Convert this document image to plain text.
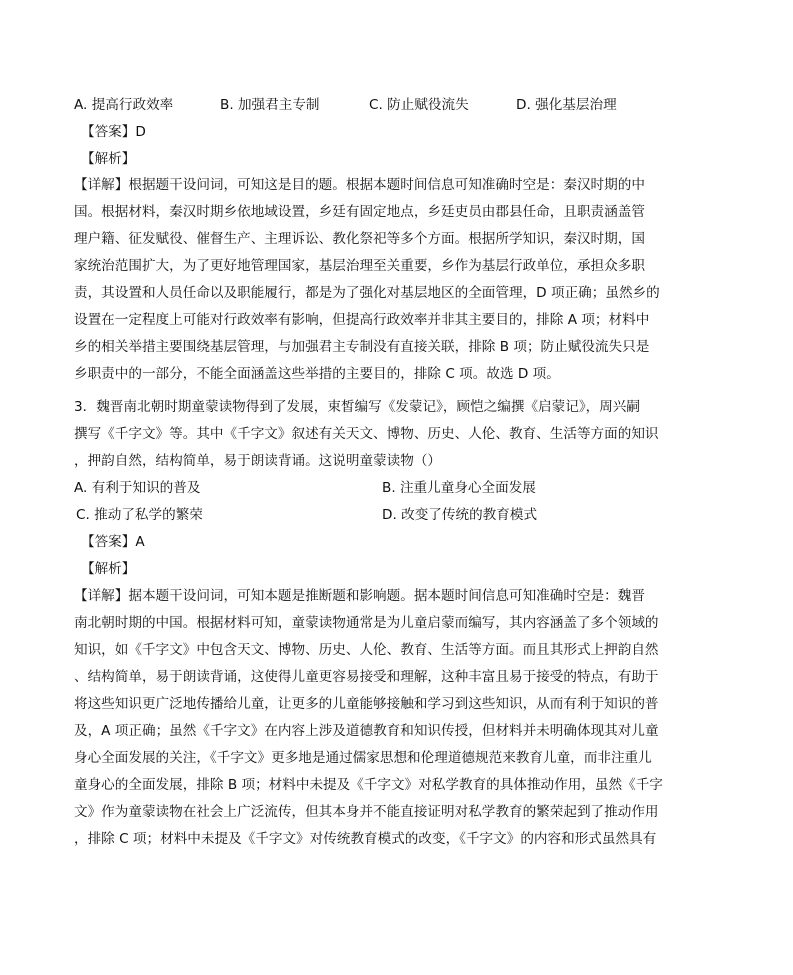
A. 提高行政效率	B. 加强君主专制	C. 防止赋役流失	D. 强化基层治理
【答案】D
【解析】
【详解】根据题干设问词，可知这是目的题。根据本题时间信息可知准确时空是：秦汉时期的中
国。根据材料，秦汉时期乡依地域设置，乡廷有固定地点，乡廷吏员由郡县任命，且职责涵盖管
理户籍、征发赋役、催督生产、主理诉讼、教化祭祀等多个方面。根据所学知识，秦汉时期，国
家统治范围扩大，为了更好地管理国家，基层治理至关重要，乡作为基层行政单位，承担众多职
责，其设置和人员任命以及职能履行，都是为了强化对基层地区的全面管理，D 项正确；虽然乡的
设置在一定程度上可能对行政效率有影响，但提高行政效率并非其主要目的，排除 A 项；材料中
乡的相关举措主要围绕基层管理，与加强君主专制没有直接关联，排除 B 项；防止赋役流失只是
乡职责中的一部分，不能全面涵盖这些举措的主要目的，排除 C 项。故选 D 项。
3．魏晋南北朝时期童蒙读物得到了发展，束皙编写《发蒙记》，顾恺之编撰《启蒙记》，周兴嗣
撰写《千字文》等。其中《千字文》叙述有关天文、博物、历史、人伦、教育、生活等方面的知识
，押韵自然，结构简单，易于朗读背诵。这说明童蒙读物（）
A. 有利于知识的普及	B. 注重儿童身心全面发展
C. 推动了私学的繁荣	D. 改变了传统的教育模式
【答案】A
【解析】
【详解】据本题干设问词，可知本题是推断题和影响题。据本题时间信息可知准确时空是：魏晋
南北朝时期的中国。根据材料可知，童蒙读物通常是为儿童启蒙而编写，其内容涵盖了多个领域的
知识，如《千字文》中包含天文、博物、历史、人伦、教育、生活等方面。而且其形式上押韵自然
、结构简单，易于朗读背诵，这使得儿童更容易接受和理解，这种丰富且易于接受的特点，有助于
将这些知识更广泛地传播给儿童，让更多的儿童能够接触和学习到这些知识，从而有利于知识的普
及，A 项正确；虽然《千字文》在内容上涉及道德教育和知识传授，但材料并未明确体现其对儿童
身心全面发展的关注，《千字文》更多地是通过儒家思想和伦理道德规范来教育儿童，而非注重儿
童身心的全面发展，排除 B 项；材料中未提及《千字文》对私学教育的具体推动作用，虽然《千字
文》作为童蒙读物在社会上广泛流传，但其本身并不能直接证明对私学教育的繁荣起到了推动作用
，排除 C 项；材料中未提及《千字文》对传统教育模式的改变，《千字文》的内容和形式虽然具有
